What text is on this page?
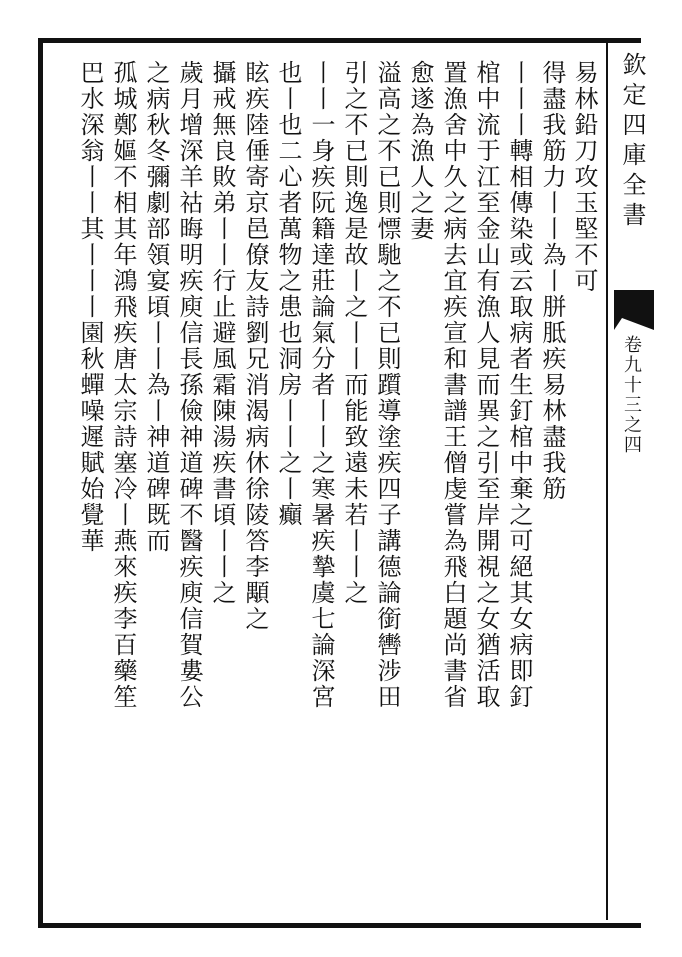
欽定四庫全書
卷九十三之四
易林鉛刀攻玉堅不可
得盡我筋力丨丨為丨胼胝疾易林盡我筋
丨丨丨轉相傳染或云取病者生釘棺中棄之可絕其女病即釘
棺中流于江至金山有漁人見而異之引至岸開視之女猶活取
置漁舍中久之病去宜疾宣和書譜王僧虔嘗為飛白題尚書省
愈遂為漁人之妻
溢高之不已則慓馳之不已則躓導塗疾四子講德論銜轡涉田
引之不已則逸是故丨之丨丨而能致遠未若丨丨之
丨丨一身疾阮籍達莊論氣分者丨丨之寒暑疾摯虞七論深宮
也丨也二心者萬物之患也洞房丨丨之丨癲
眩疾陸倕寄京邑僚友詩劉兄消渴病休徐陵答李顒之
攝戒無良敗弟丨丨行止避風霜陳湯疾書頃丨丨之
歲月增深羊祜晦明疾庾信長孫儉神道碑不醫疾庾信賀婁公
之病秋冬彌劇部領宴頃丨丨為丨神道碑既而
孤城鄭嫗不相其年鴻飛疾唐太宗詩塞冷丨燕來疾李百藥笙
巴水深翁丨丨其丨丨丨園秋蟬噪遲賦始覺華
